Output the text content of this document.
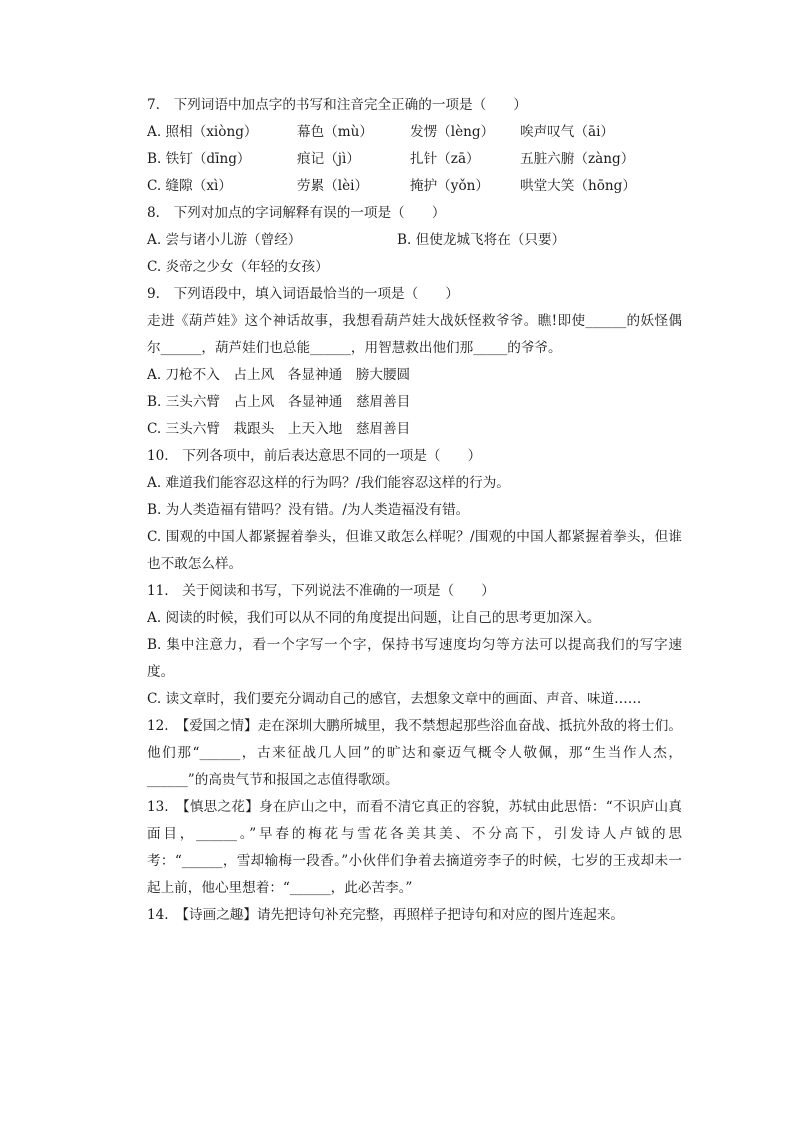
7.　下列词语中加点字的书写和注音完全正确的一项是（　　）
A. 照相（xiòng）	幕色（mù）	发愣（lèng）	唉声叹气（āi）
B. 铁钉（dīng）	痕记（jì）	扎针（zā）	五脏六腑（zàng）
C. 缝隙（xì）	劳累（lèi）	掩护（yǒn）	哄堂大笑（hōng）
8.　下列对加点的字词解释有误的一项是（　　）
A. 尝与诸小儿游（曾经）	B. 但使龙城飞将在（只要）
C. 炎帝之少女（年轻的女孩）
9.　下列语段中，填入词语最恰当的一项是（　　）
走进《葫芦娃》这个神话故事，我想看葫芦娃大战妖怪救爷爷。瞧!即使______的妖怪偶尔______，葫芦娃们也总能______，用智慧救出他们那_____的爷爷。
A. 刀枪不入　占上风　各显神通　膀大腰圆
B. 三头六臂　占上风　各显神通　慈眉善目
C. 三头六臂　栽跟头　上天入地　慈眉善目
10.　下列各项中，前后表达意思不同的一项是（　　）
A. 难道我们能容忍这样的行为吗？/我们能容忍这样的行为。
B. 为人类造福有错吗？没有错。/为人类造福没有错。
C. 围观的中国人都紧握着拳头，但谁又敢怎么样呢？/围观的中国人都紧握着拳头，但谁也不敢怎么样。
11.　关于阅读和书写，下列说法不准确的一项是（　　）
A. 阅读的时候，我们可以从不同的角度提出问题，让自己的思考更加深入。
B. 集中注意力，看一个字写一个字，保持书写速度均匀等方法可以提高我们的写字速度。
C. 读文章时，我们要充分调动自己的感官，去想象文章中的画面、声音、味道……
12.　【爱国之情】走在深圳大鹏所城里，我不禁想起那些浴血奋战、抵抗外敌的将士们。他们那“______，古来征战几人回”的旷达和豪迈气概令人敬佩，那“生当作人杰，______”的高贵气节和报国之志值得歌颂。
13.　【慎思之花】身在庐山之中，而看不清它真正的容貌，苏轼由此思悟：“不识庐山真面目，______。”早春的梅花与雪花各美其美、不分高下，引发诗人卢钺的思考：“______，雪却输梅一段香。”小伙伴们争着去摘道旁李子的时候，七岁的王戎却未一起上前，他心里想着：“______，此必苦李。”
14.　【诗画之趣】请先把诗句补充完整，再照样子把诗句和对应的图片连起来。
